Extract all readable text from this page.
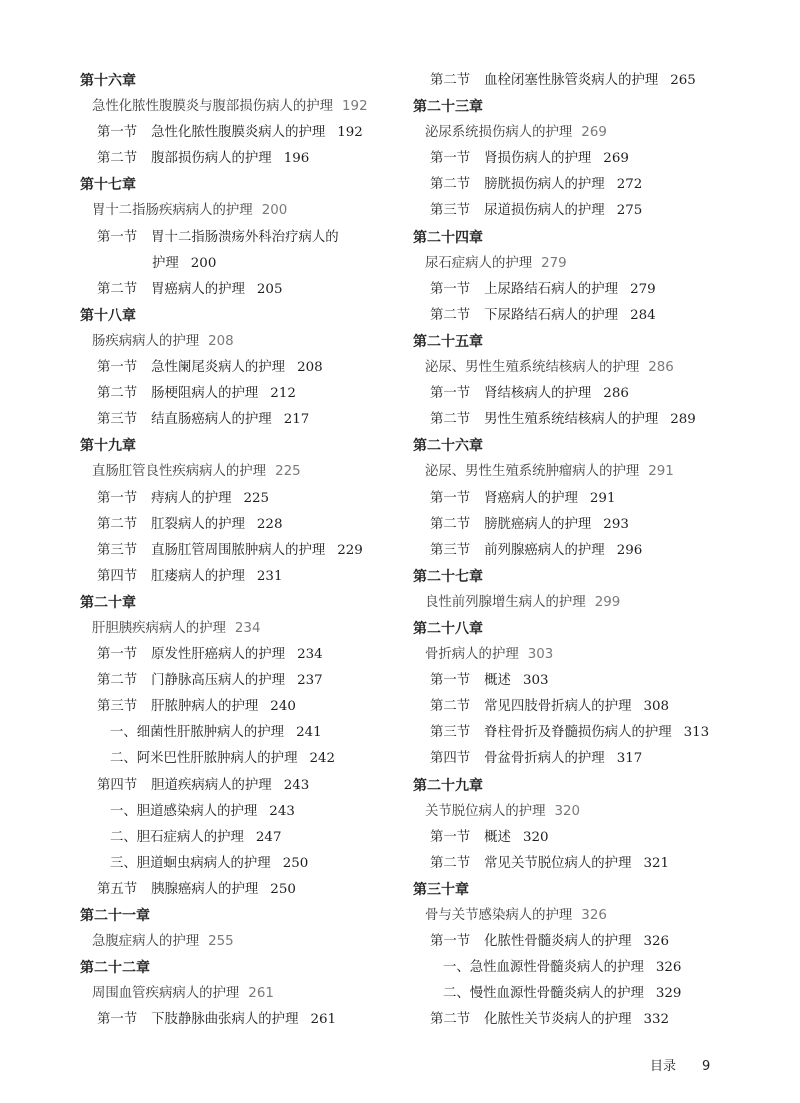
第十六章
急性化脓性腹膜炎与腹部损伤病人的护理 192
第一节 急性化脓性腹膜炎病人的护理 192
第二节 腹部损伤病人的护理 196
第十七章
胃十二指肠疾病病人的护理 200
第一节 胃十二指肠溃疡外科治疗病人的
护理 200
第二节 胃癌病人的护理 205
第十八章
肠疾病病人的护理 208
第一节 急性阑尾炎病人的护理 208
第二节 肠梗阻病人的护理 212
第三节 结直肠癌病人的护理 217
第十九章
直肠肛管良性疾病病人的护理 225
第一节 痔病人的护理 225
第二节 肛裂病人的护理 228
第三节 直肠肛管周围脓肿病人的护理 229
第四节 肛瘘病人的护理 231
第二十章
肝胆胰疾病病人的护理 234
第一节 原发性肝癌病人的护理 234
第二节 门静脉高压病人的护理 237
第三节 肝脓肿病人的护理 240
一、细菌性肝脓肿病人的护理 241
二、阿米巴性肝脓肿病人的护理 242
第四节 胆道疾病病人的护理 243
一、胆道感染病人的护理 243
二、胆石症病人的护理 247
三、胆道蛔虫病病人的护理 250
第五节 胰腺癌病人的护理 250
第二十一章
急腹症病人的护理 255
第二十二章
周围血管疾病病人的护理 261
第一节 下肢静脉曲张病人的护理 261
第二节 血栓闭塞性脉管炎病人的护理 265
第二十三章
泌尿系统损伤病人的护理 269
第一节 肾损伤病人的护理 269
第二节 膀胱损伤病人的护理 272
第三节 尿道损伤病人的护理 275
第二十四章
尿石症病人的护理 279
第一节 上尿路结石病人的护理 279
第二节 下尿路结石病人的护理 284
第二十五章
泌尿、男性生殖系统结核病人的护理 286
第一节 肾结核病人的护理 286
第二节 男性生殖系统结核病人的护理 289
第二十六章
泌尿、男性生殖系统肿瘤病人的护理 291
第一节 肾癌病人的护理 291
第二节 膀胱癌病人的护理 293
第三节 前列腺癌病人的护理 296
第二十七章
良性前列腺增生病人的护理 299
第二十八章
骨折病人的护理 303
第一节 概述 303
第二节 常见四肢骨折病人的护理 308
第三节 脊柱骨折及脊髓损伤病人的护理 313
第四节 骨盆骨折病人的护理 317
第二十九章
关节脱位病人的护理 320
第一节 概述 320
第二节 常见关节脱位病人的护理 321
第三十章
骨与关节感染病人的护理 326
第一节 化脓性骨髓炎病人的护理 326
一、急性血源性骨髓炎病人的护理 326
二、慢性血源性骨髓炎病人的护理 329
第二节 化脓性关节炎病人的护理 332
目录 9
